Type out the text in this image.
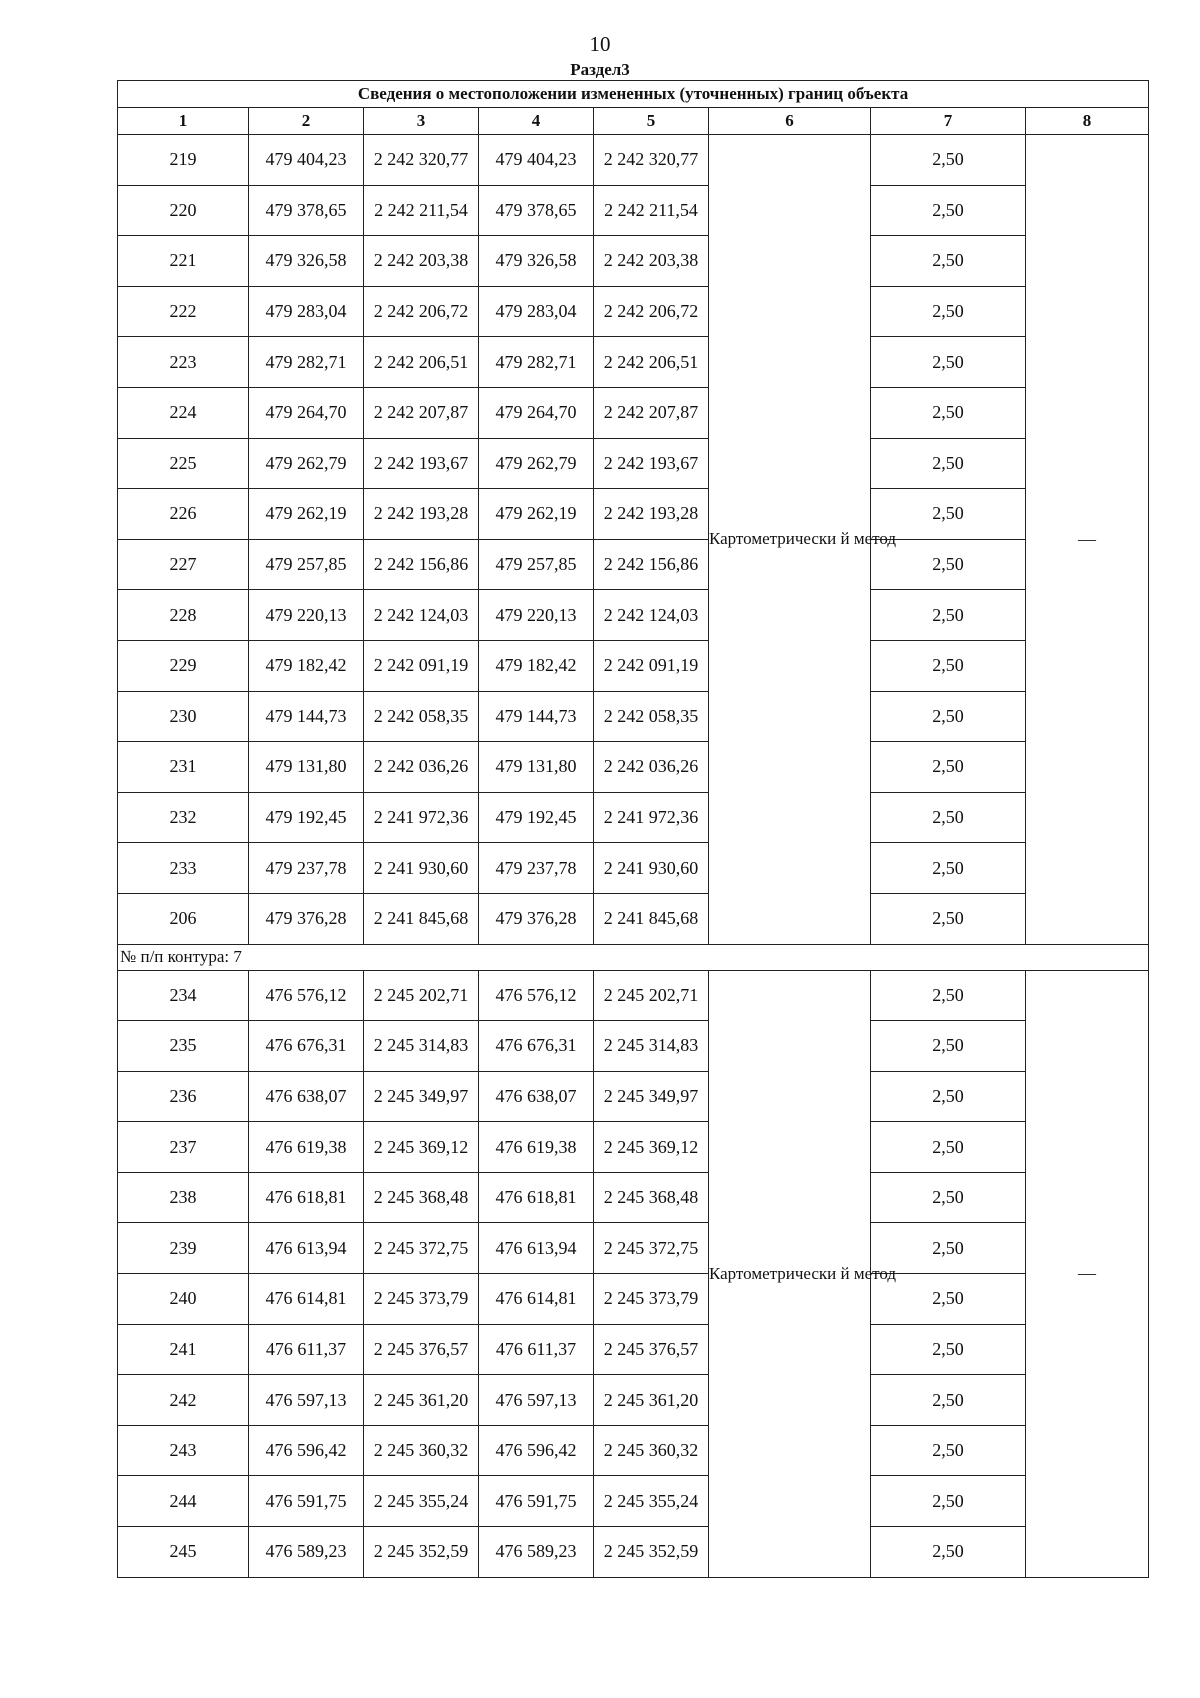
10
Раздел3
Сведения о местоположении измененных (уточненных) границ объекта							
1	2	3	4	5	6	7	8
219	479 404,23	2 242 320,77	479 404,23	2 242 320,77	Картометрически й метод	2,50	—
220	479 378,65	2 242 211,54	479 378,65	2 242 211,54		2,50	
221	479 326,58	2 242 203,38	479 326,58	2 242 203,38		2,50	
222	479 283,04	2 242 206,72	479 283,04	2 242 206,72		2,50	
223	479 282,71	2 242 206,51	479 282,71	2 242 206,51		2,50	
224	479 264,70	2 242 207,87	479 264,70	2 242 207,87		2,50	
225	479 262,79	2 242 193,67	479 262,79	2 242 193,67		2,50	
226	479 262,19	2 242 193,28	479 262,19	2 242 193,28		2,50	
227	479 257,85	2 242 156,86	479 257,85	2 242 156,86		2,50	
228	479 220,13	2 242 124,03	479 220,13	2 242 124,03		2,50	
229	479 182,42	2 242 091,19	479 182,42	2 242 091,19		2,50	
230	479 144,73	2 242 058,35	479 144,73	2 242 058,35		2,50	
231	479 131,80	2 242 036,26	479 131,80	2 242 036,26		2,50	
232	479 192,45	2 241 972,36	479 192,45	2 241 972,36		2,50	
233	479 237,78	2 241 930,60	479 237,78	2 241 930,60		2,50	
206	479 376,28	2 241 845,68	479 376,28	2 241 845,68		2,50	
№ п/п контура: 7							
234	476 576,12	2 245 202,71	476 576,12	2 245 202,71	Картометрически й метод	2,50	—
235	476 676,31	2 245 314,83	476 676,31	2 245 314,83		2,50	
236	476 638,07	2 245 349,97	476 638,07	2 245 349,97		2,50	
237	476 619,38	2 245 369,12	476 619,38	2 245 369,12		2,50	
238	476 618,81	2 245 368,48	476 618,81	2 245 368,48		2,50	
239	476 613,94	2 245 372,75	476 613,94	2 245 372,75		2,50	
240	476 614,81	2 245 373,79	476 614,81	2 245 373,79		2,50	
241	476 611,37	2 245 376,57	476 611,37	2 245 376,57		2,50	
242	476 597,13	2 245 361,20	476 597,13	2 245 361,20		2,50	
243	476 596,42	2 245 360,32	476 596,42	2 245 360,32		2,50	
244	476 591,75	2 245 355,24	476 591,75	2 245 355,24		2,50	
245	476 589,23	2 245 352,59	476 589,23	2 245 352,59		2,50	
